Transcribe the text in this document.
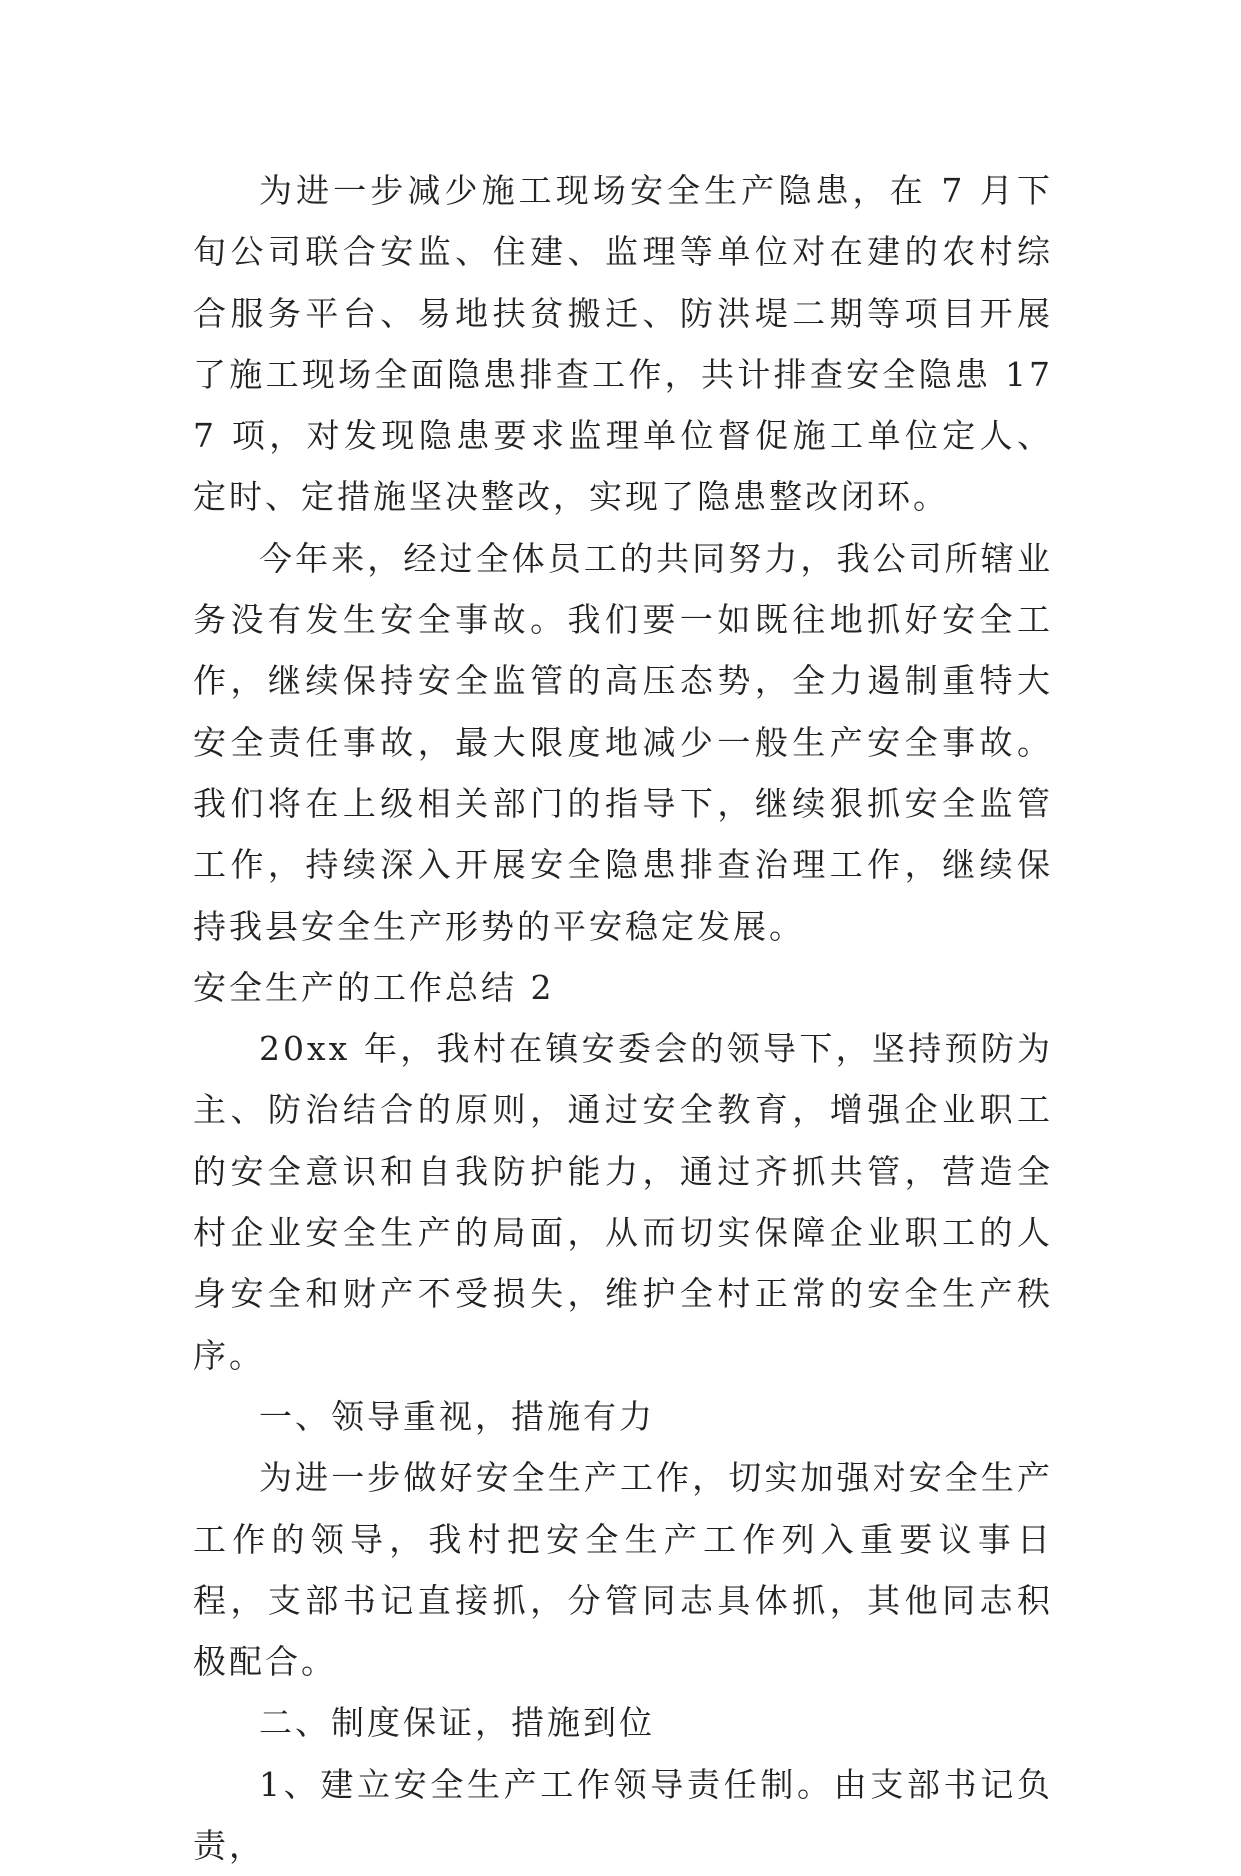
为进一步减少施工现场安全生产隐患，在 7 月下旬公司联合安监、住建、监理等单位对在建的农村综合服务平台、易地扶贫搬迁、防洪堤二期等项目开展了施工现场全面隐患排查工作，共计排查安全隐患 177 项，对发现隐患要求监理单位督促施工单位定人、定时、定措施坚决整改，实现了隐患整改闭环。

今年来，经过全体员工的共同努力，我公司所辖业务没有发生安全事故。我们要一如既往地抓好安全工作，继续保持安全监管的高压态势，全力遏制重特大安全责任事故，最大限度地减少一般生产安全事故。我们将在上级相关部门的指导下，继续狠抓安全监管工作，持续深入开展安全隐患排查治理工作，继续保持我县安全生产形势的平安稳定发展。

安全生产的工作总结 2

20xx 年，我村在镇安委会的领导下，坚持预防为主、防治结合的原则，通过安全教育，增强企业职工的安全意识和自我防护能力，通过齐抓共管，营造全村企业安全生产的局面，从而切实保障企业职工的人身安全和财产不受损失，维护全村正常的安全生产秩序。

一、领导重视，措施有力

为进一步做好安全生产工作，切实加强对安全生产工作的领导，我村把安全生产工作列入重要议事日程，支部书记直接抓，分管同志具体抓，其他同志积极配合。

二、制度保证，措施到位

1、建立安全生产工作领导责任制。由支部书记负责，
